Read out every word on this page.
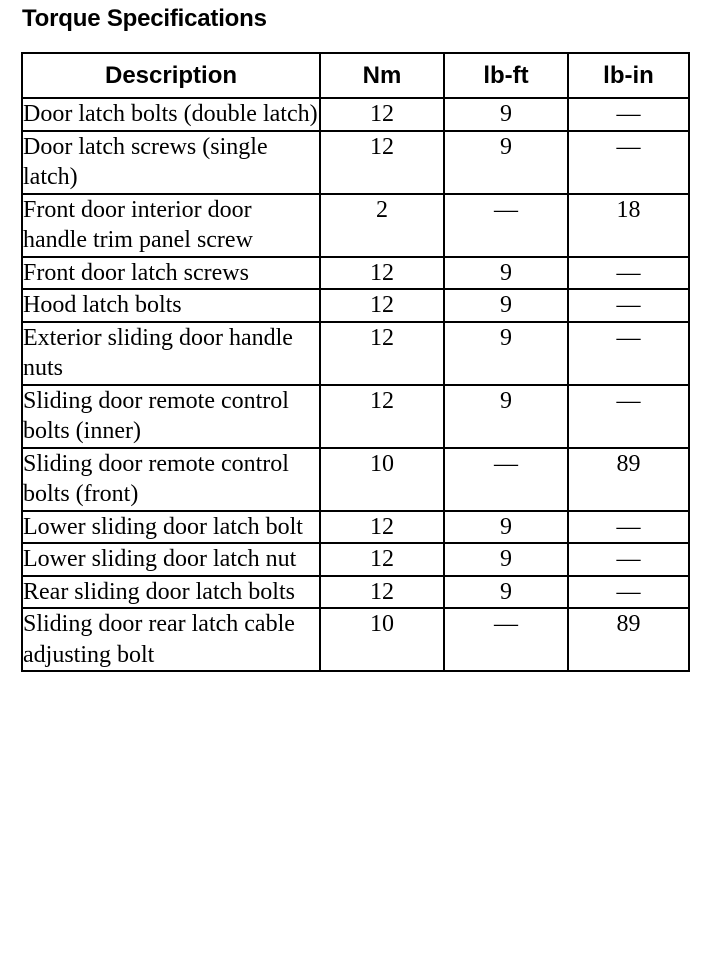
Torque Specifications
Description	Nm	lb-ft	lb-in
Door latch bolts (double latch)	12	9	—
Door latch screws (single latch)	12	9	—
Front door interior door handle trim panel screw	2	—	18
Front door latch screws	12	9	—
Hood latch bolts	12	9	—
Exterior sliding door handle nuts	12	9	—
Sliding door remote control bolts (inner)	12	9	—
Sliding door remote control bolts (front)	10	—	89
Lower sliding door latch bolt	12	9	—
Lower sliding door latch nut	12	9	—
Rear sliding door latch bolts	12	9	—
Sliding door rear latch cable adjusting bolt	10	—	89
